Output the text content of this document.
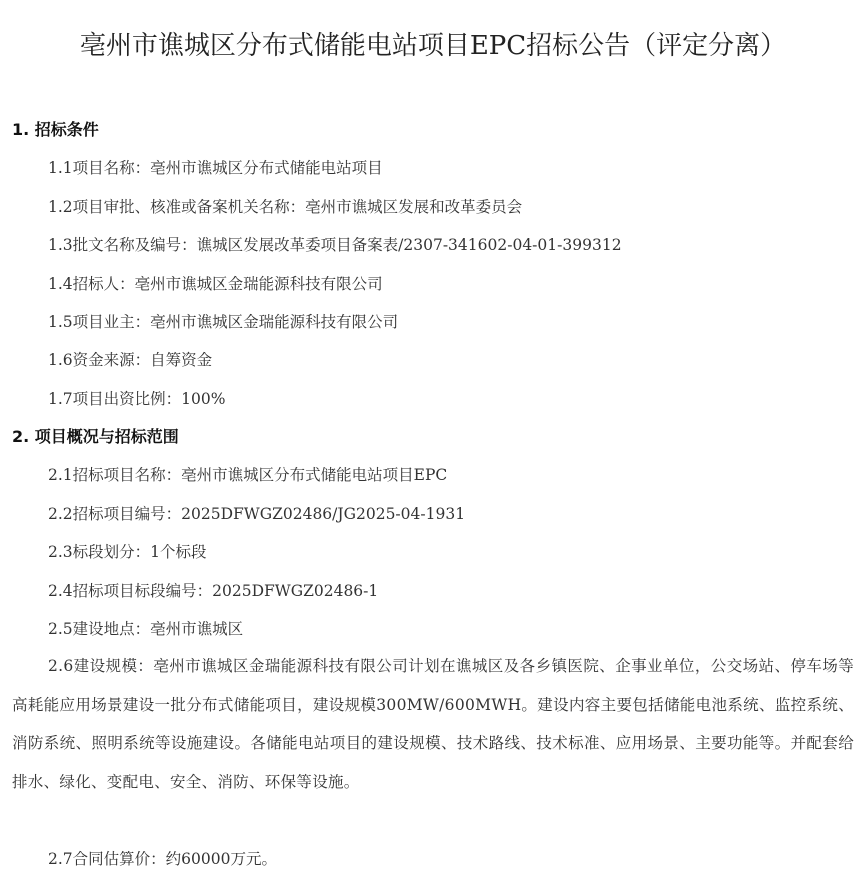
亳州市谯城区分布式储能电站项目EPC招标公告（评定分离）
1. 招标条件
1.1项目名称：亳州市谯城区分布式储能电站项目
1.2项目审批、核准或备案机关名称：亳州市谯城区发展和改革委员会
1.3批文名称及编号：谯城区发展改革委项目备案表/2307-341602-04-01-399312
1.4招标人：亳州市谯城区金瑞能源科技有限公司
1.5项目业主：亳州市谯城区金瑞能源科技有限公司
1.6资金来源：自筹资金
1.7项目出资比例：100%
2. 项目概况与招标范围
2.1招标项目名称：亳州市谯城区分布式储能电站项目EPC
2.2招标项目编号：2025DFWGZ02486/JG2025-04-1931
2.3标段划分：1个标段
2.4招标项目标段编号：2025DFWGZ02486-1
2.5建设地点：亳州市谯城区
2.6建设规模：亳州市谯城区金瑞能源科技有限公司计划在谯城区及各乡镇医院、企事业单位，公交场站、停车场等高耗能应用场景建设一批分布式储能项目，建设规模300MW/600MWH。建设内容主要包括储能电池系统、监控系统、消防系统、照明系统等设施建设。各储能电站项目的建设规模、技术路线、技术标准、应用场景、主要功能等。并配套给排水、绿化、变配电、安全、消防、环保等设施。
2.7合同估算价：约60000万元。
